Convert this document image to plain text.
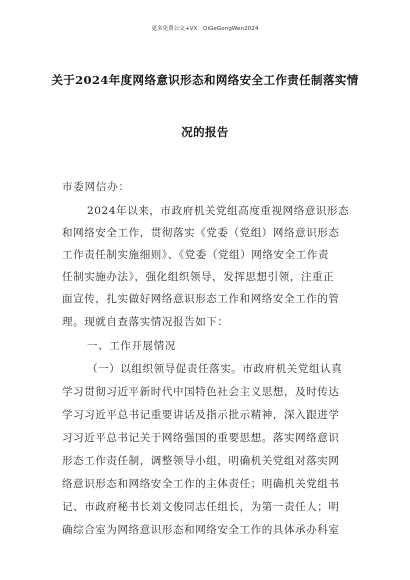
更多免费公文+VX：QiGeGongWen2024
关于2024年度网络意识形态和网络安全工作责任制落实情
况的报告
市委网信办：
2024年以来，市政府机关党组高度重视网络意识形态
和网络安全工作，贯彻落实《党委（党组）网络意识形态
工作责任制实施细则》、《党委（党组）网络安全工作责
任制实施办法》，强化组织领导，发挥思想引领，注重正
面宣传，扎实做好网络意识形态工作和网络安全工作的管
理。现就自查落实情况报告如下：
一、工作开展情况
（一）以组织领导促责任落实。市政府机关党组认真
学习贯彻习近平新时代中国特色社会主义思想，及时传达
学习习近平总书记重要讲话及指示批示精神，深入跟进学
习习近平总书记关于网络强国的重要思想。落实网络意识
形态工作责任制，调整领导小组，明确机关党组对落实网
络意识形态和网络安全工作的主体责任；明确机关党组书
记、市政府秘书长刘文俊同志任组长，为第一责任人；明
确综合室为网络意识形态和网络安全工作的具体承办科室
